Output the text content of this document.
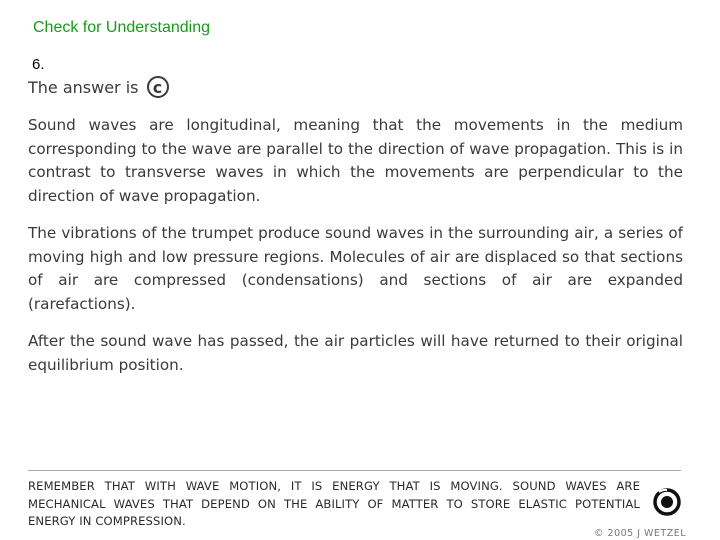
Check for Understanding
6.
The answer is c

Sound waves are longitudinal, meaning that the movements in the medium corresponding to the wave are parallel to the direction of wave propagation. This is in contrast to transverse waves in which the movements are perpendicular to the direction of wave propagation.

The vibrations of the trumpet produce sound waves in the surrounding air, a series of moving high and low pressure regions. Molecules of air are displaced so that sections of air are compressed (condensations) and sections of air are expanded (rarefactions).

After the sound wave has passed, the air particles will have returned to their original equilibrium position.

REMEMBER THAT WITH WAVE MOTION, IT IS ENERGY THAT IS MOVING. SOUND WAVES ARE MECHANICAL WAVES THAT DEPEND ON THE ABILITY OF MATTER TO STORE ELASTIC POTENTIAL ENERGY IN COMPRESSION.

© 2005 J WETZEL
